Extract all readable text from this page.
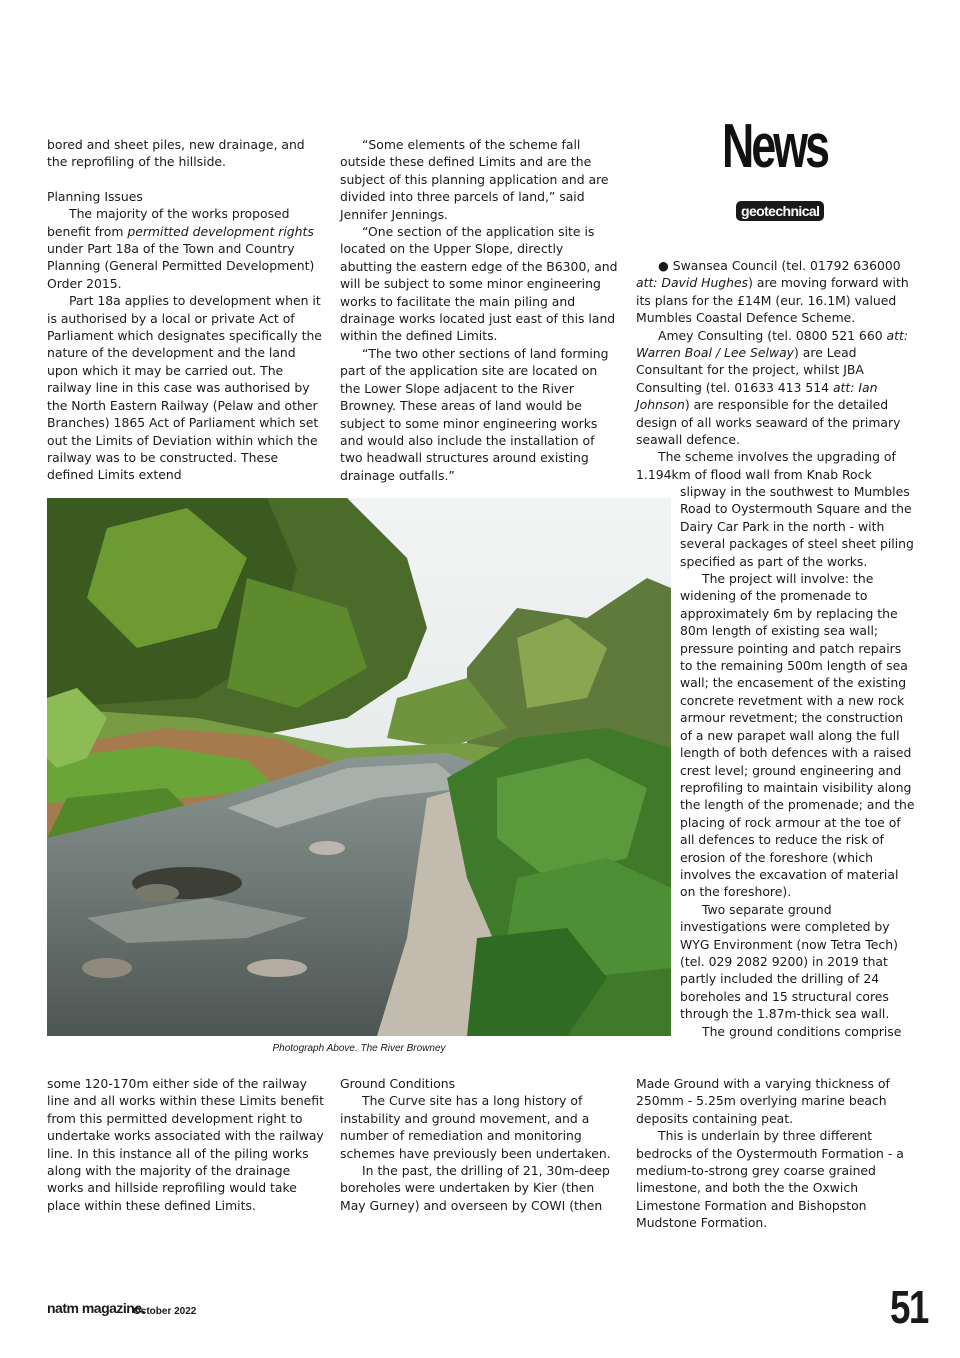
News
geotechnical

bored and sheet piles, new drainage, and the reprofiling of the hillside.

Planning Issues

The majority of the works proposed benefit from permitted development rights under Part 18a of the Town and Country Planning (General Permitted Development) Order 2015.

Part 18a applies to development when it is authorised by a local or private Act of Parliament which designates specifically the nature of the development and the land upon which it may be carried out. The railway line in this case was authorised by the North Eastern Railway (Pelaw and other Branches) 1865 Act of Parliament which set out the Limits of Deviation within which the railway was to be constructed. These defined Limits extend

“Some elements of the scheme fall outside these defined Limits and are the subject of this planning application and are divided into three parcels of land,” said Jennifer Jennings.

“One section of the application site is located on the Upper Slope, directly abutting the eastern edge of the B6300, and will be subject to some minor engineering works to facilitate the main piling and drainage works located just east of this land within the defined Limits.

“The two other sections of land forming part of the application site are located on the Lower Slope adjacent to the River Browney. These areas of land would be subject to some minor engineering works and would also include the installation of two headwall structures around existing drainage outfalls.”

● Swansea Council (tel. 01792 636000 att: David Hughes) are moving forward with its plans for the £14M (eur. 16.1M) valued Mumbles Coastal Defence Scheme.

Amey Consulting (tel. 0800 521 660 att: Warren Boal / Lee Selway) are Lead Consultant for the project, whilst JBA Consulting (tel. 01633 413 514 att: Ian Johnson) are responsible for the detailed design of all works seaward of the primary seawall defence.

The scheme involves the upgrading of 1.194km of flood wall from Knab Rock

slipway in the southwest to Mumbles Road to Oystermouth Square and the Dairy Car Park in the north - with several packages of steel sheet piling specified as part of the works.

The project will involve: the widening of the promenade to approximately 6m by replacing the 80m length of existing sea wall; pressure pointing and patch repairs to the remaining 500m length of sea wall; the encasement of the existing concrete revetment with a new rock armour revetment; the construction of a new parapet wall along the full length of both defences with a raised crest level; ground engineering and reprofiling to maintain visibility along the length of the promenade; and the placing of rock armour at the toe of all defences to reduce the risk of erosion of the foreshore (which involves the excavation of material on the foreshore).

Two separate ground investigations were completed by WYG Environment (now Tetra Tech) (tel. 029 2082 9200) in 2019 that partly included the drilling of 24 boreholes and 15 structural cores through the 1.87m-thick sea wall.

The ground conditions comprise

Made Ground with a varying thickness of 250mm - 5.25m overlying marine beach deposits containing peat.

This is underlain by three different bedrocks of the Oystermouth Formation - a medium-to-strong grey coarse grained limestone, and both the the Oxwich Limestone Formation and Bishopston Mudstone Formation.

Photograph Above. The River Browney

some 120-170m either side of the railway line and all works within these Limits benefit from this permitted development right to undertake works associated with the railway line. In this instance all of the piling works along with the majority of the drainage works and hillside reprofiling would take place within these defined Limits.

Ground Conditions

The Curve site has a long history of instability and ground movement, and a number of remediation and monitoring schemes have previously been undertaken.

In the past, the drilling of 21, 30m-deep boreholes were undertaken by Kier (then May Gurney) and overseen by COWI (then

natm magazine.
October 2022	51
